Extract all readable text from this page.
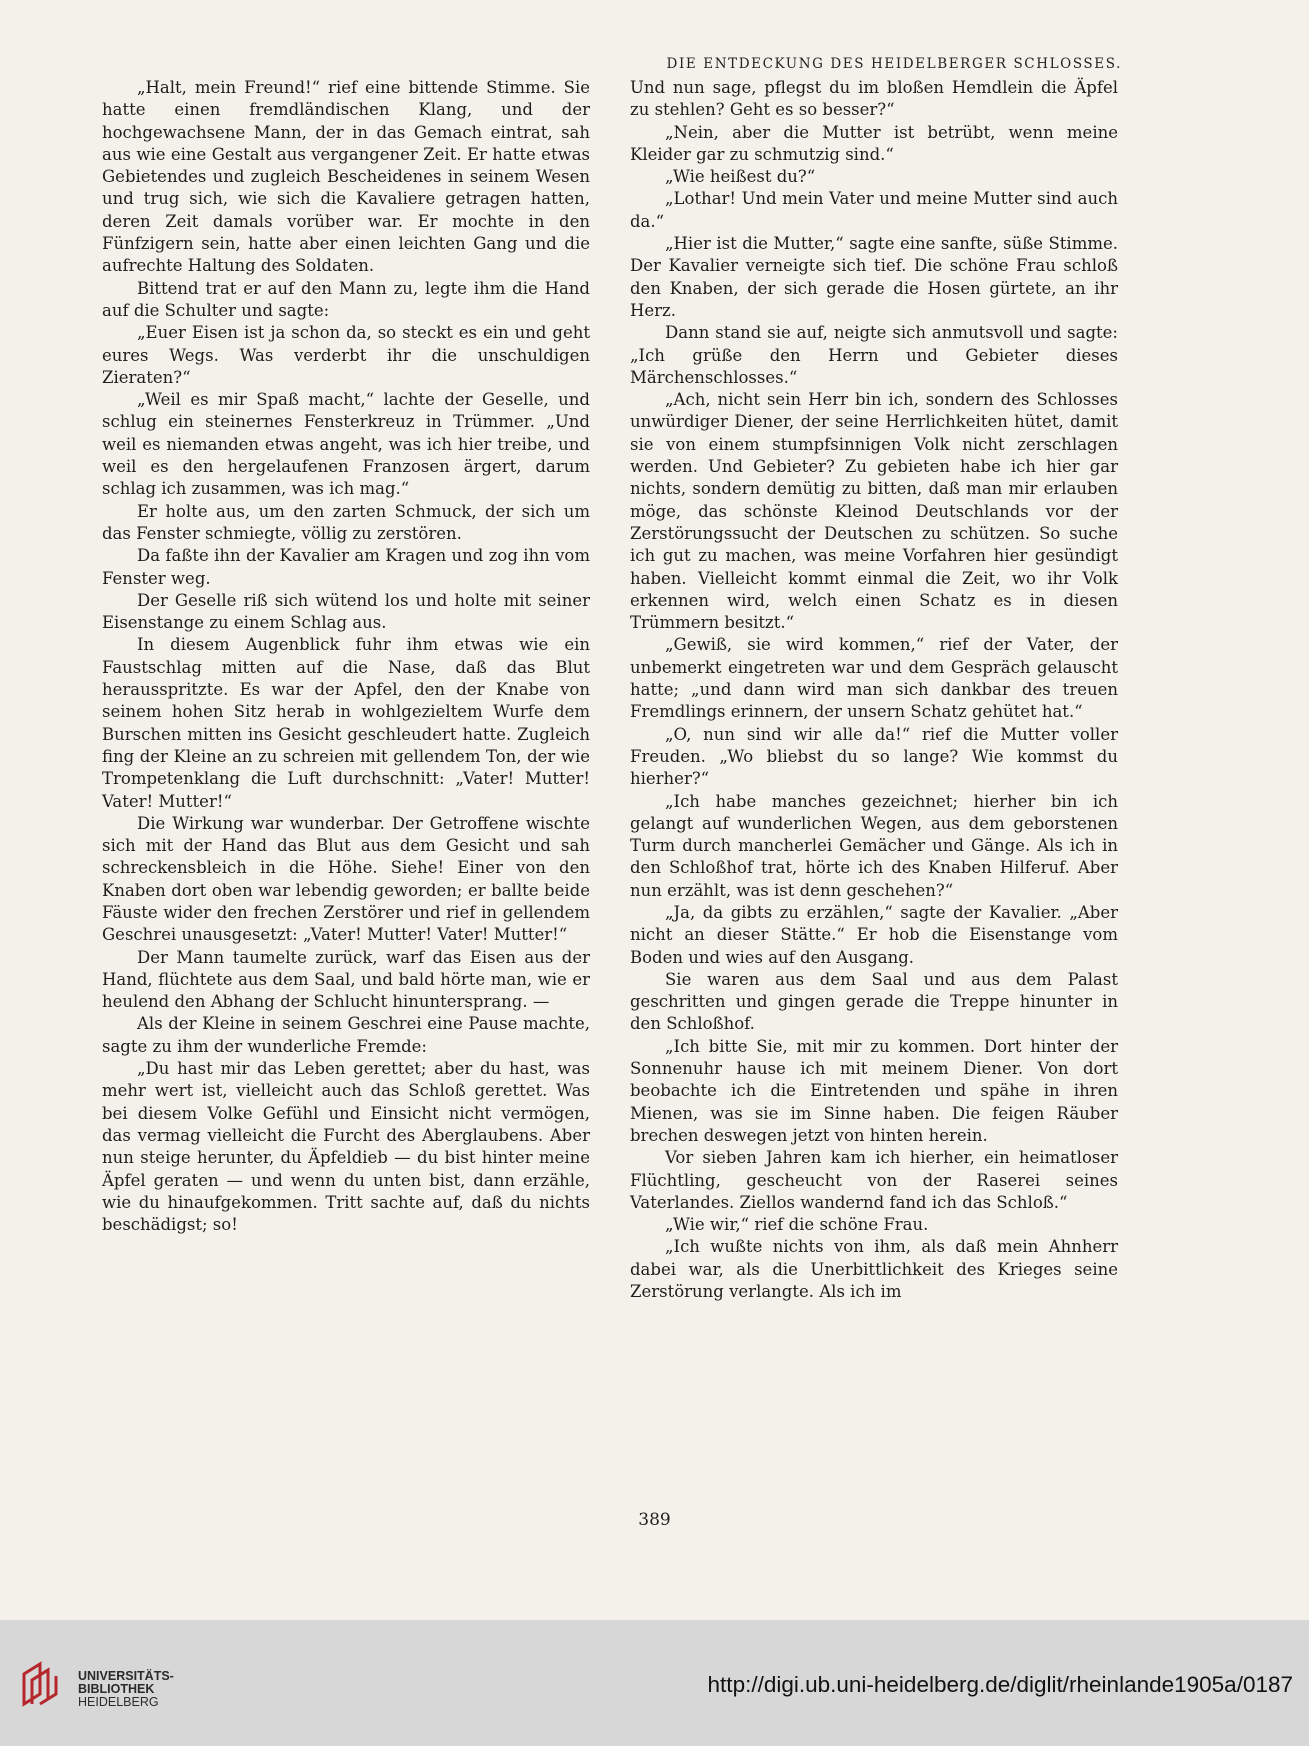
DIE ENTDECKUNG DES HEIDELBERGER SCHLOSSES.

„Halt, mein Freund!“ rief eine bittende Stimme. Sie hatte einen fremdländischen Klang, und der hochgewachsene Mann, der in das Gemach eintrat, sah aus wie eine Gestalt aus vergangener Zeit. Er hatte etwas Gebietendes und zugleich Bescheidenes in seinem Wesen und trug sich, wie sich die Kavaliere getragen hatten, deren Zeit damals vorüber war. Er mochte in den Fünfzigern sein, hatte aber einen leichten Gang und die aufrechte Haltung des Soldaten.

Bittend trat er auf den Mann zu, legte ihm die Hand auf die Schulter und sagte:

„Euer Eisen ist ja schon da, so steckt es ein und geht eures Wegs. Was verderbt ihr die unschuldigen Zieraten?“

„Weil es mir Spaß macht,“ lachte der Geselle, und schlug ein steinernes Fensterkreuz in Trümmer. „Und weil es niemanden etwas angeht, was ich hier treibe, und weil es den hergelaufenen Franzosen ärgert, darum schlag ich zusammen, was ich mag.“

Er holte aus, um den zarten Schmuck, der sich um das Fenster schmiegte, völlig zu zerstören.

Da faßte ihn der Kavalier am Kragen und zog ihn vom Fenster weg.

Der Geselle riß sich wütend los und holte mit seiner Eisenstange zu einem Schlag aus.

In diesem Augenblick fuhr ihm etwas wie ein Faustschlag mitten auf die Nase, daß das Blut herausspritzte. Es war der Apfel, den der Knabe von seinem hohen Sitz herab in wohlgezieltem Wurfe dem Burschen mitten ins Gesicht geschleudert hatte. Zugleich fing der Kleine an zu schreien mit gellendem Ton, der wie Trompetenklang die Luft durchschnitt: „Vater! Mutter! Vater! Mutter!“

Die Wirkung war wunderbar. Der Getroffene wischte sich mit der Hand das Blut aus dem Gesicht und sah schreckensbleich in die Höhe. Siehe! Einer von den Knaben dort oben war lebendig geworden; er ballte beide Fäuste wider den frechen Zerstörer und rief in gellendem Geschrei unausgesetzt: „Vater! Mutter! Vater! Mutter!“

Der Mann taumelte zurück, warf das Eisen aus der Hand, flüchtete aus dem Saal, und bald hörte man, wie er heulend den Abhang der Schlucht hinuntersprang. —

Als der Kleine in seinem Geschrei eine Pause machte, sagte zu ihm der wunderliche Fremde:

„Du hast mir das Leben gerettet; aber du hast, was mehr wert ist, vielleicht auch das Schloß gerettet. Was bei diesem Volke Gefühl und Einsicht nicht vermögen, das vermag vielleicht die Furcht des Aberglaubens. Aber nun steige herunter, du Äpfeldieb — du bist hinter meine Äpfel geraten — und wenn du unten bist, dann erzähle, wie du hinaufgekommen. Tritt sachte auf, daß du nichts beschädigst; so!

Und nun sage, pflegst du im bloßen Hemdlein die Äpfel zu stehlen? Geht es so besser?“

„Nein, aber die Mutter ist betrübt, wenn meine Kleider gar zu schmutzig sind.“

„Wie heißest du?“

„Lothar! Und mein Vater und meine Mutter sind auch da.“

„Hier ist die Mutter,“ sagte eine sanfte, süße Stimme. Der Kavalier verneigte sich tief. Die schöne Frau schloß den Knaben, der sich gerade die Hosen gürtete, an ihr Herz.

Dann stand sie auf, neigte sich anmutsvoll und sagte: „Ich grüße den Herrn und Gebieter dieses Märchenschlosses.“

„Ach, nicht sein Herr bin ich, sondern des Schlosses unwürdiger Diener, der seine Herrlichkeiten hütet, damit sie von einem stumpfsinnigen Volk nicht zerschlagen werden. Und Gebieter? Zu gebieten habe ich hier gar nichts, sondern demütig zu bitten, daß man mir erlauben möge, das schönste Kleinod Deutschlands vor der Zerstörungssucht der Deutschen zu schützen. So suche ich gut zu machen, was meine Vorfahren hier gesündigt haben. Vielleicht kommt einmal die Zeit, wo ihr Volk erkennen wird, welch einen Schatz es in diesen Trümmern besitzt.“

„Gewiß, sie wird kommen,“ rief der Vater, der unbemerkt eingetreten war und dem Gespräch gelauscht hatte; „und dann wird man sich dankbar des treuen Fremdlings erinnern, der unsern Schatz gehütet hat.“

„O, nun sind wir alle da!“ rief die Mutter voller Freuden. „Wo bliebst du so lange? Wie kommst du hierher?“

„Ich habe manches gezeichnet; hierher bin ich gelangt auf wunderlichen Wegen, aus dem geborstenen Turm durch mancherlei Gemächer und Gänge. Als ich in den Schloßhof trat, hörte ich des Knaben Hilferuf. Aber nun erzählt, was ist denn geschehen?“

„Ja, da gibts zu erzählen,“ sagte der Kavalier. „Aber nicht an dieser Stätte.“ Er hob die Eisenstange vom Boden und wies auf den Ausgang.

Sie waren aus dem Saal und aus dem Palast geschritten und gingen gerade die Treppe hinunter in den Schloßhof.

„Ich bitte Sie, mit mir zu kommen. Dort hinter der Sonnenuhr hause ich mit meinem Diener. Von dort beobachte ich die Eintretenden und spähe in ihren Mienen, was sie im Sinne haben. Die feigen Räuber brechen deswegen jetzt von hinten herein.

Vor sieben Jahren kam ich hierher, ein heimatloser Flüchtling, gescheucht von der Raserei seines Vaterlandes. Ziellos wandernd fand ich das Schloß.“

„Wie wir,“ rief die schöne Frau.

„Ich wußte nichts von ihm, als daß mein Ahnherr dabei war, als die Unerbittlichkeit des Krieges seine Zerstörung verlangte. Als ich im

389
UNIVERSITÄTS-
BIBLIOTHEK
HEIDELBERG
http://digi.ub.uni-heidelberg.de/diglit/rheinlande1905a/0187
